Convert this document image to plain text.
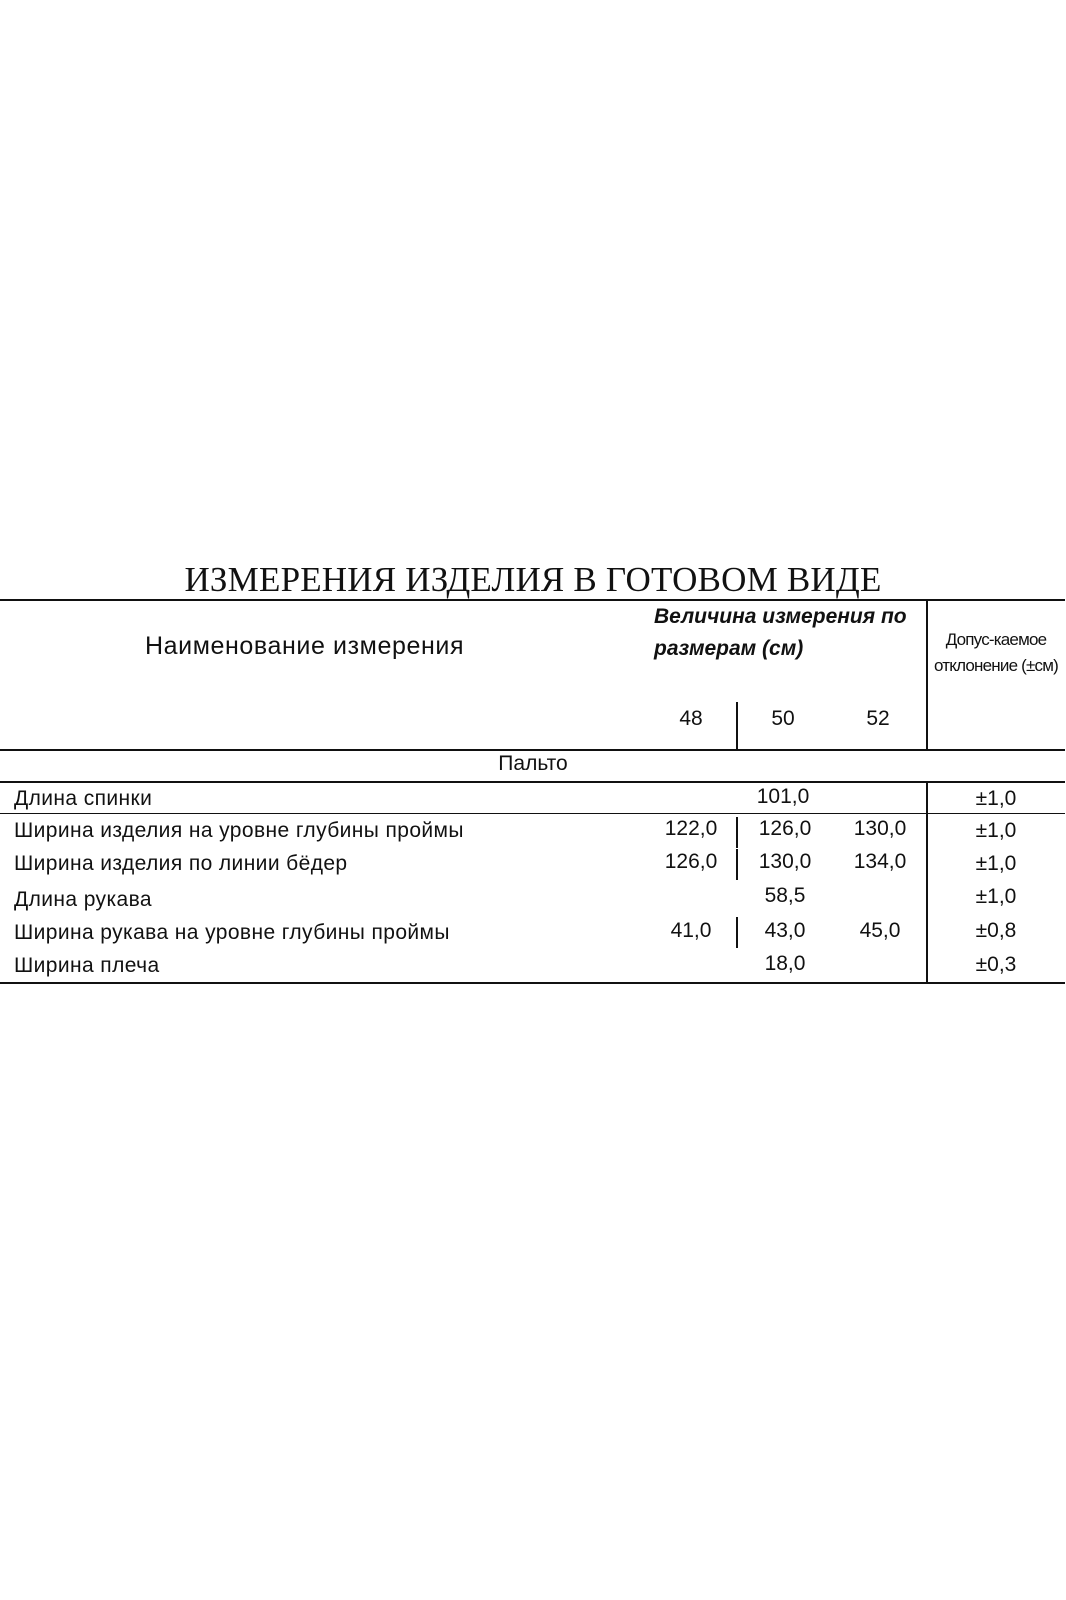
ИЗМЕРЕНИЯ ИЗДЕЛИЯ В ГОТОВОМ ВИДЕ
Наименование измерения
Величина измерения по размерам (см)	Допус-каемое отклонение (±см)
48	50	52
Пальто
Длина спинки	101,0	±1,0
Ширина изделия на уровне глубины проймы	122,0	126,0	130,0	±1,0
Ширина изделия по линии бёдер	126,0	130,0	134,0	±1,0
Длина рукава	58,5	±1,0
Ширина рукава на уровне глубины проймы	41,0	43,0	45,0	±0,8
Ширина плеча	18,0	±0,3
